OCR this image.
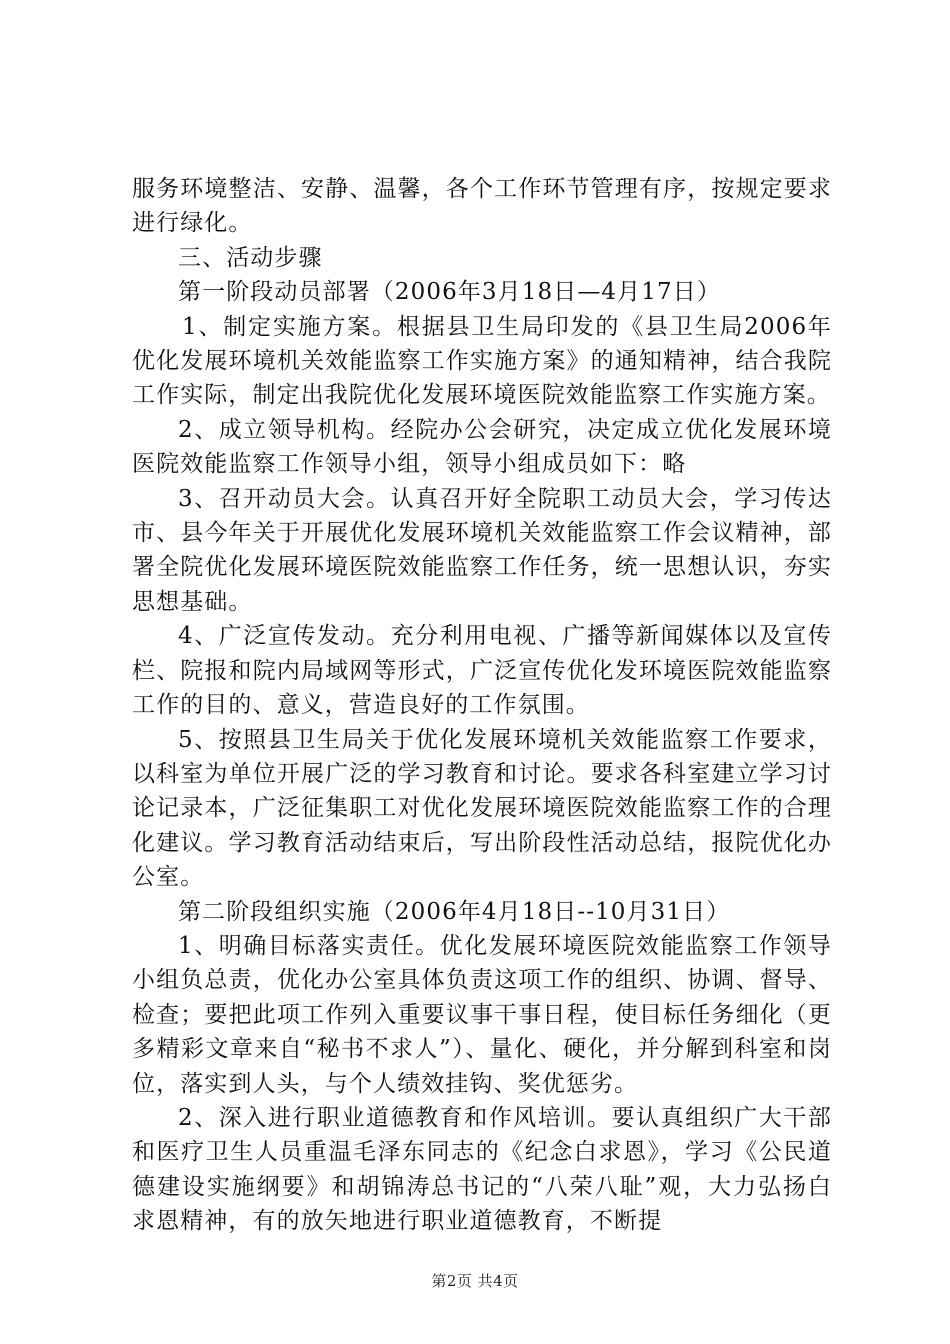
服务环境整洁、安静、温馨，各个工作环节管理有序，按规定要求进行绿化。

三、活动步骤

第一阶段动员部署（2006年3月18日—4月17日）

1、制定实施方案。根据县卫生局印发的《县卫生局2006年优化发展环境机关效能监察工作实施方案》的通知精神，结合我院工作实际，制定出我院优化发展环境医院效能监察工作实施方案。

2、成立领导机构。经院办公会研究，决定成立优化发展环境医院效能监察工作领导小组，领导小组成员如下：略

3、召开动员大会。认真召开好全院职工动员大会，学习传达市、县今年关于开展优化发展环境机关效能监察工作会议精神，部署全院优化发展环境医院效能监察工作任务，统一思想认识，夯实思想基础。

4、广泛宣传发动。充分利用电视、广播等新闻媒体以及宣传栏、院报和院内局域网等形式，广泛宣传优化发环境医院效能监察工作的目的、意义，营造良好的工作氛围。

5、按照县卫生局关于优化发展环境机关效能监察工作要求，以科室为单位开展广泛的学习教育和讨论。要求各科室建立学习讨论记录本，广泛征集职工对优化发展环境医院效能监察工作的合理化建议。学习教育活动结束后，写出阶段性活动总结，报院优化办公室。

第二阶段组织实施（2006年4月18日--10月31日）

1、明确目标落实责任。优化发展环境医院效能监察工作领导小组负总责，优化办公室具体负责这项工作的组织、协调、督导、检查；要把此项工作列入重要议事干事日程，使目标任务细化（更多精彩文章来自“秘书不求人”）、量化、硬化，并分解到科室和岗位，落实到人头，与个人绩效挂钩、奖优惩劣。

2、深入进行职业道德教育和作风培训。要认真组织广大干部和医疗卫生人员重温毛泽东同志的《纪念白求恩》，学习《公民道德建设实施纲要》和胡锦涛总书记的“八荣八耻”观，大力弘扬白求恩精神，有的放矢地进行职业道德教育，不断提

第2页 共4页
